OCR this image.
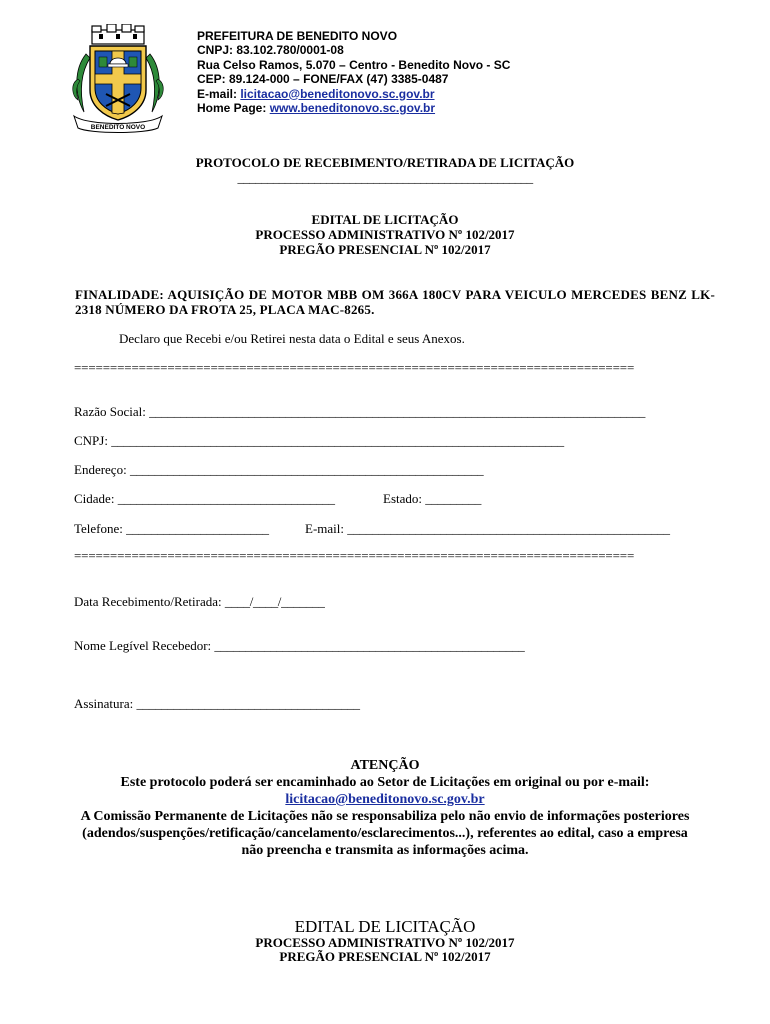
BENEDITO NOVO
PREFEITURA DE BENEDITO NOVO
CNPJ: 83.102.780/0001-08
Rua Celso Ramos, 5.070 – Centro - Benedito Novo - SC
CEP: 89.124-000 – FONE/FAX (47) 3385-0487
E-mail: licitacao@beneditonovo.sc.gov.br
Home Page: www.beneditonovo.sc.gov.br
PROTOCOLO DE RECEBIMENTO/RETIRADA DE LICITAÇÃO
__________________________________________________
EDITAL DE LICITAÇÃO
PROCESSO ADMINISTRATIVO Nº 102/2017
PREGÃO PRESENCIAL Nº 102/2017
FINALIDADE: AQUISIÇÃO DE MOTOR MBB OM 366A 180CV PARA VEICULO MERCEDES BENZ LK-2318 NÚMERO DA FROTA 25, PLACA MAC-8265.
Declaro que Recebi e/ou Retirei nesta data o Edital e seus Anexos.
==============================================================================
Razão Social: ________________________________________________________________________________
CNPJ: _________________________________________________________________________
Endereço: _________________________________________________________
Cidade: ___________________________________	Estado: _________
Telefone: _______________________	E-mail: ____________________________________________________
==============================================================================
Data Recebimento/Retirada: ____/____/_______
Nome Legível Recebedor: __________________________________________________
Assinatura: ____________________________________
ATENÇÃO
Este protocolo poderá ser encaminhado ao Setor de Licitações em original ou por e-mail:
licitacao@beneditonovo.sc.gov.br
A Comissão Permanente de Licitações não se responsabiliza pelo não envio de informações posteriores (adendos/suspenções/retificação/cancelamento/esclarecimentos...), referentes ao edital, caso a empresa não preencha e transmita as informações acima.
EDITAL DE LICITAÇÃO
PROCESSO ADMINISTRATIVO Nº 102/2017
PREGÃO PRESENCIAL Nº 102/2017
